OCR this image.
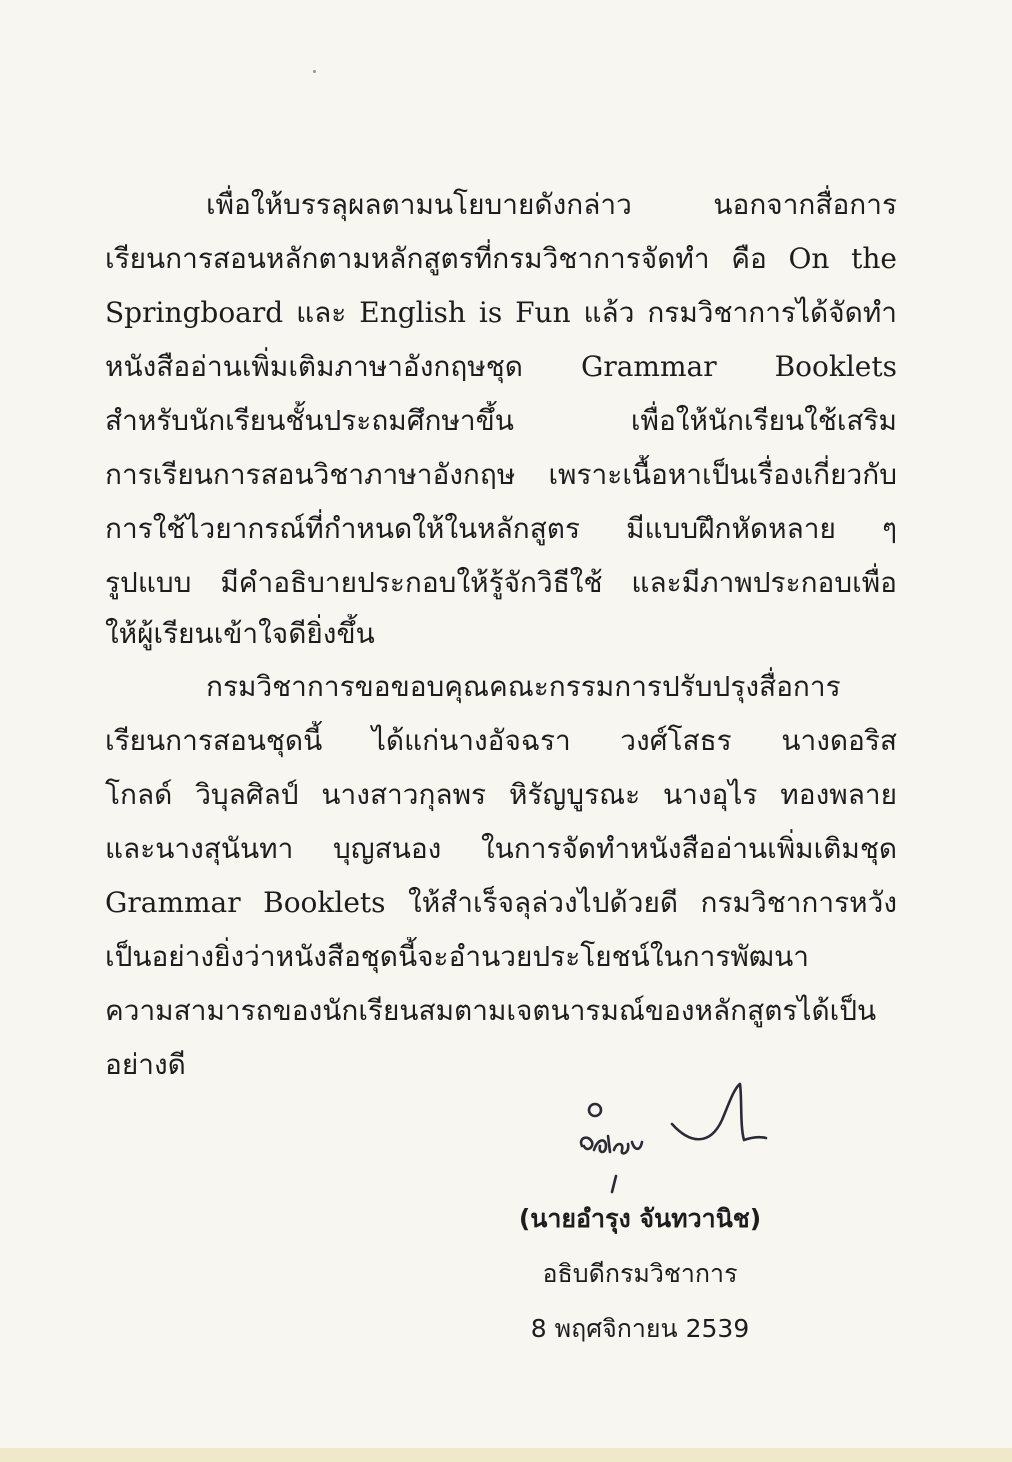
เพื่อให้บรรลุผลตามนโยบายดังกล่าว นอกจากสื่อการ
เรียนการสอนหลักตามหลักสูตรที่กรมวิชาการจัดทำ คือ On the
Springboard และ English is Fun แล้ว กรมวิชาการได้จัดทำ
หนังสืออ่านเพิ่มเติมภาษาอังกฤษชุด Grammar Booklets
สำหรับนักเรียนชั้นประถมศึกษาขึ้น เพื่อให้นักเรียนใช้เสริม
การเรียนการสอนวิชาภาษาอังกฤษ เพราะเนื้อหาเป็นเรื่องเกี่ยวกับ
การใช้ไวยากรณ์ที่กำหนดให้ในหลักสูตร มีแบบฝึกหัดหลาย ๆ
รูปแบบ มีคำอธิบายประกอบให้รู้จักวิธีใช้ และมีภาพประกอบเพื่อ
ให้ผู้เรียนเข้าใจดียิ่งขึ้น
กรมวิชาการขอขอบคุณคณะกรรมการปรับปรุงสื่อการ
เรียนการสอนชุดนี้ ได้แก่นางอัจฉรา วงศ์โสธร นางดอริส
โกลด์ วิบุลศิลป์ นางสาวกุลพร หิรัญบูรณะ นางอุไร ทองพลาย
และนางสุนันทา บุญสนอง ในการจัดทำหนังสืออ่านเพิ่มเติมชุด
Grammar Booklets ให้สำเร็จลุล่วงไปด้วยดี กรมวิชาการหวัง
เป็นอย่างยิ่งว่าหนังสือชุดนี้จะอำนวยประโยชน์ในการพัฒนา
ความสามารถของนักเรียนสมตามเจตนารมณ์ของหลักสูตรได้เป็น
อย่างดี
(นายอำรุง จันทวานิช)
อธิบดีกรมวิชาการ
8 พฤศจิกายน 2539
